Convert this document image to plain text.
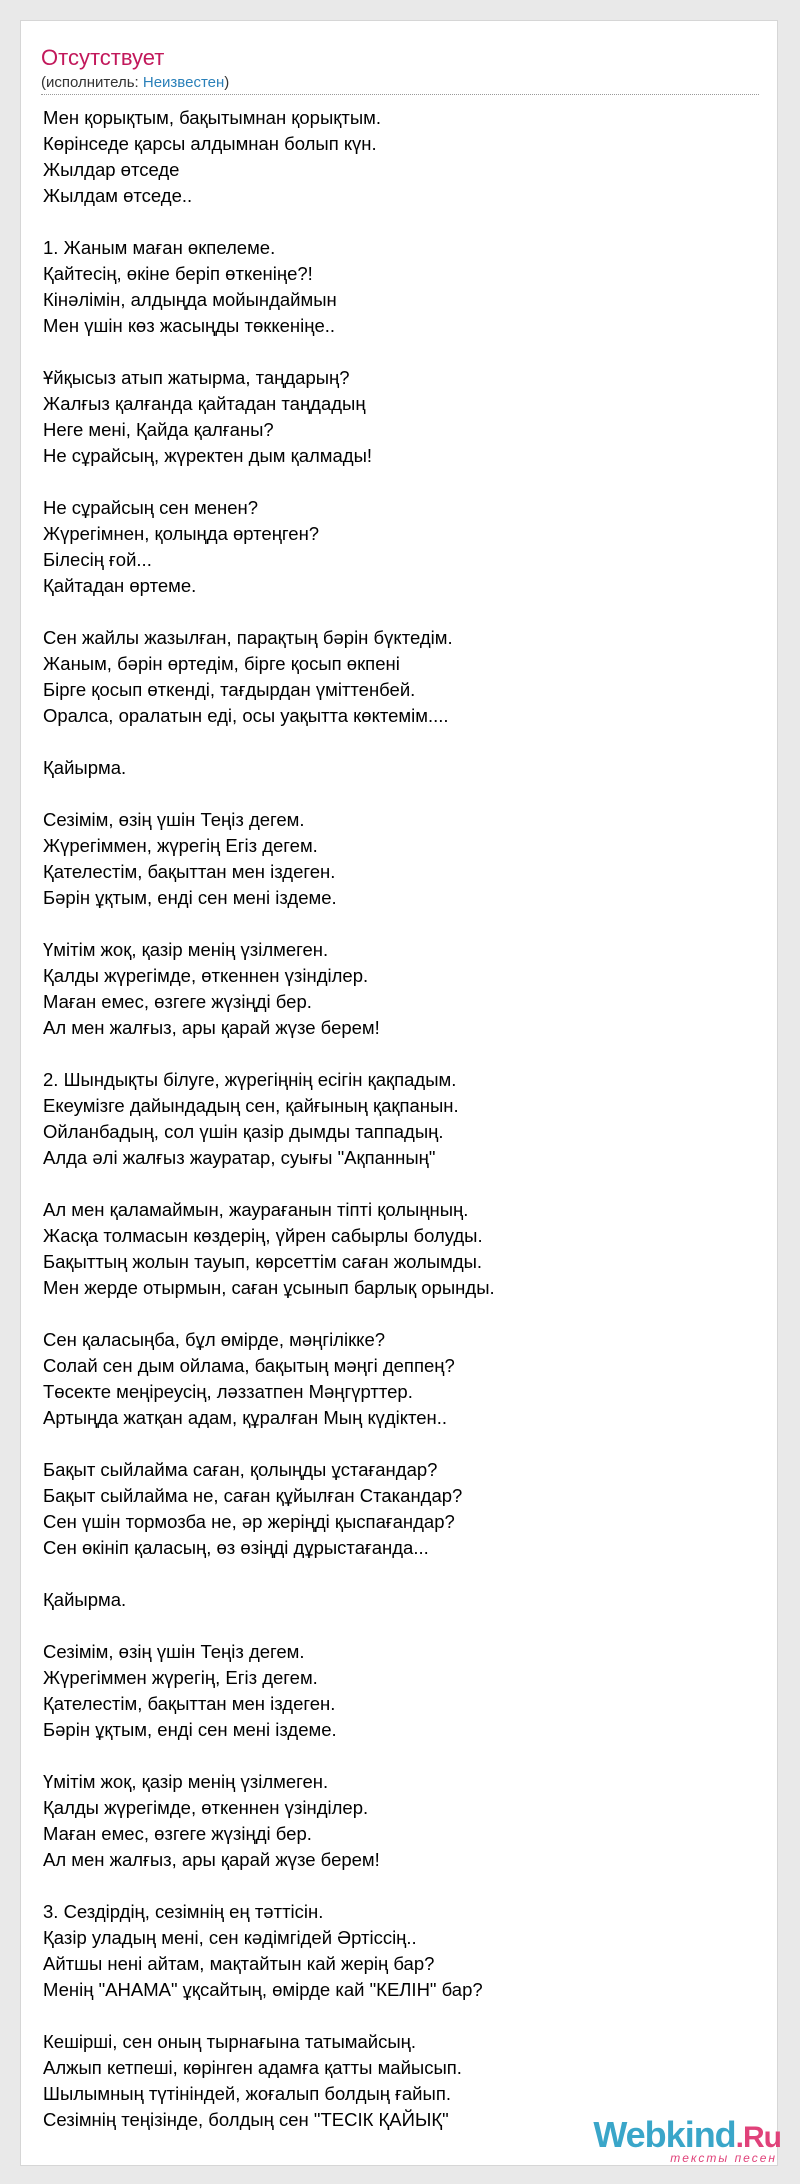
Отсутствует
(исполнитель: Неизвестен)
Мен қорықтым, бақытымнан қорықтым.
Көрінседе қарсы алдымнан болып күн.
Жылдар өтседе
Жылдам өтседе..
1. Жаным маған өкпелеме.
Қайтесің, өкіне беріп өткеніңе?!
Кінәлімін, алдыңда мойындаймын
Мен үшін көз жасыңды төккеніңе..
Ұйқысыз атып жатырма, таңдарың?
Жалғыз қалғанда қайтадан таңдадың
Неге мені, Қайда қалғаны?
Не сұрайсың, жүректен дым қалмады!
Не сұрайсың сен менен?
Жүрегімнен, қолыңда өртеңген?
Білесің ғой...
Қайтадан өртеме.
Сен жайлы жазылған, парақтың бәрін бүктедім.
Жаным, бәрін өртедім, бірге қосып өкпені
Бірге қосып өткенді, тағдырдан үміттенбей.
Оралса, оралатын еді, осы уақытта көктемім....
Қайырма.
Сезімім, өзің үшін Теңіз дегем.
Жүрегіммен, жүрегің Егіз дегем.
Қателестім, бақыттан мен іздеген.
Бәрін ұқтым, енді сен мені іздеме.
Үмітім жоқ, қазір менің үзілмеген.
Қалды жүрегімде, өткеннен үзінділер.
Маған емес, өзгеге жүзіңді бер.
Ал мен жалғыз, ары қарай жүзе берем!
2. Шындықты білуге, жүрегіңнің есігін қақпадым.
Екеумізге дайындадың сен, қайғының қақпанын.
Ойланбадың, сол үшін қазір дымды таппадың.
Алда әлі жалғыз жауратар, суығы "Ақпанның"
Ал мен қаламаймын, жаурағанын тіпті қолыңның.
Жасқа толмасын көздерің, үйрен сабырлы болуды.
Бақыттың жолын тауып, көрсеттім саған жолымды.
Мен жерде отырмын, саған ұсынып барлық орынды.
Сен қаласыңба, бұл өмірде, мәңгілікке?
Солай сен дым ойлама, бақытың мәңгі деппең?
Төсекте меңіреусің, ләззатпен Мәңгүрттер.
Артыңда жатқан адам, құралған Мың күдіктен..
Бақыт сыйлайма саған, қолыңды ұстағандар?
Бақыт сыйлайма не, саған құйылған Стакандар?
Сен үшін тормозба не, әр жеріңді қыспағандар?
Сен өкініп қаласың, өз өзіңді дұрыстағанда...
Қайырма.
Сезімім, өзің үшін Теңіз дегем.
Жүрегіммен жүрегің, Егіз дегем.
Қателестім, бақыттан мен іздеген.
Бәрін ұқтым, енді сен мені іздеме.
Үмітім жоқ, қазір менің үзілмеген.
Қалды жүрегімде, өткеннен үзінділер.
Маған емес, өзгеге жүзіңді бер.
Ал мен жалғыз, ары қарай жүзе берем!
3. Сездірдің, сезімнің ең тәттісін.
Қазір уладың мені, сен кәдімгідей Әртіссің..
Айтшы нені айтам, мақтайтын кай жерің бар?
Менің "АНАМА" ұқсайтың, өмірде кай "КЕЛІН" бар?
Кешірші, сен оның тырнағына татымайсың.
Алжып кетпеші, көрінген адамға қатты майысып.
Шылымның түтініндей, жоғалып болдың ғайып.
Сезімнің теңізінде, болдың сен "ТЕСІК ҚАЙЫҚ"	Webkind.Ru
тексты песен
